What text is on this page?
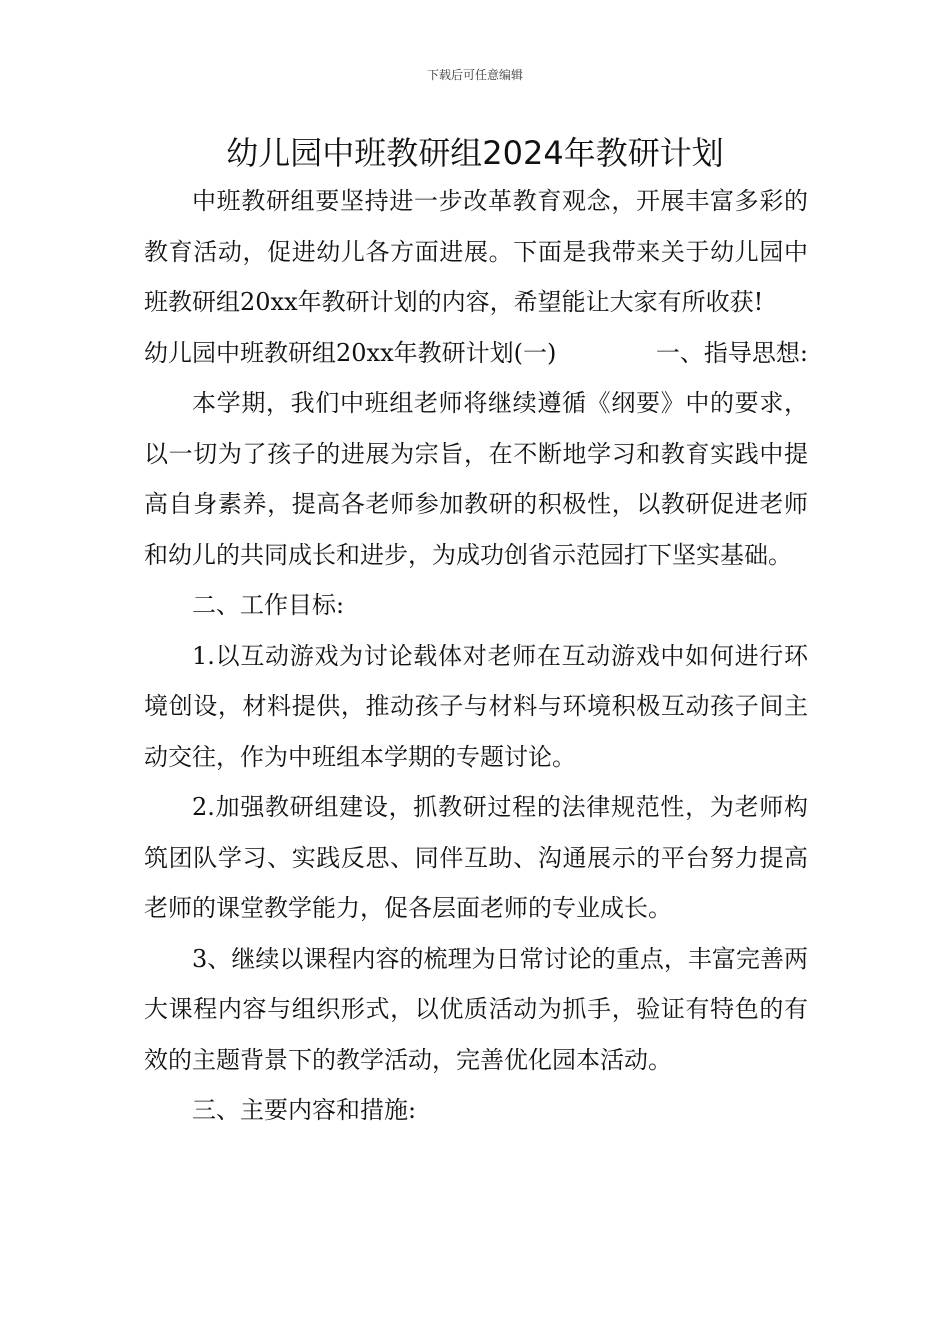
下载后可任意编辑
幼儿园中班教研组2024年教研计划

中班教研组要坚持进一步改革教育观念，开展丰富多彩的教育活动，促进幼儿各方面进展。下面是我带来关于幼儿园中班教研组20xx年教研计划的内容，希望能让大家有所收获!

幼儿园中班教研组20xx年教研计划(一)	一、指导思想:

本学期，我们中班组老师将继续遵循《纲要》中的要求，以一切为了孩子的进展为宗旨，在不断地学习和教育实践中提高自身素养，提高各老师参加教研的积极性，以教研促进老师和幼儿的共同成长和进步，为成功创省示范园打下坚实基础。

二、工作目标:

1.以互动游戏为讨论载体对老师在互动游戏中如何进行环境创设，材料提供，推动孩子与材料与环境积极互动孩子间主动交往，作为中班组本学期的专题讨论。

2.加强教研组建设，抓教研过程的法律规范性，为老师构筑团队学习、实践反思、同伴互助、沟通展示的平台努力提高老师的课堂教学能力，促各层面老师的专业成长。

3、继续以课程内容的梳理为日常讨论的重点，丰富完善两大课程内容与组织形式，以优质活动为抓手，验证有特色的有效的主题背景下的教学活动，完善优化园本活动。

三、主要内容和措施:
